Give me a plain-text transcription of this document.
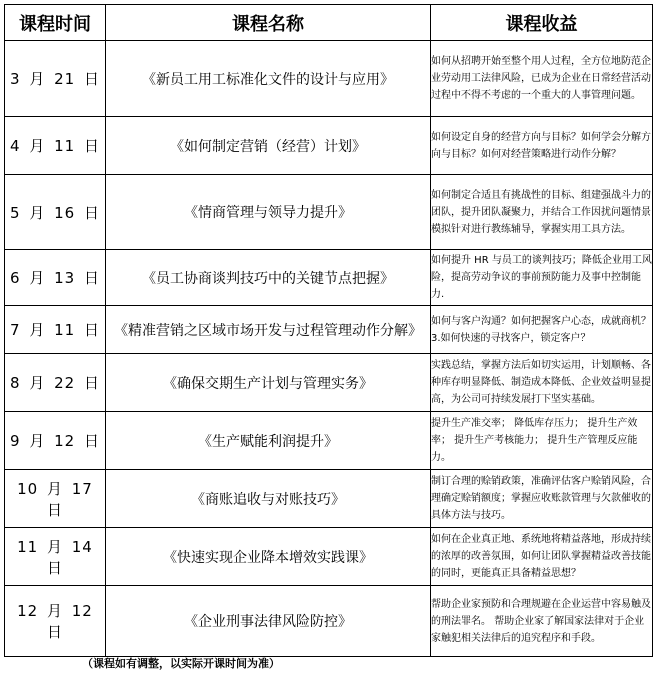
课程时间	课程名称	课程收益
3 月 21 日	《新员工用工标准化文件的设计与应用》	如何从招聘开始至整个用人过程，全方位地防范企业劳动用工法律风险，已成为企业在日常经营活动过程中不得不考虑的一个重大的人事管理问题。
4 月 11 日	《如何制定营销（经营）计划》	如何设定自身的经营方向与目标？如何学会分解方向与目标？如何对经营策略进行动作分解？
5 月 16 日	《情商管理与领导力提升》	如何制定合适且有挑战性的目标、组建强战斗力的团队，提升团队凝聚力，并结合工作因扰问题情景模拟针对进行教练辅导，掌握实用工具方法。
6 月 13 日	《员工协商谈判技巧中的关键节点把握》	如何提升 HR 与员工的谈判技巧；降低企业用工风险，提高劳动争议的事前预防能力及事中控制能力.
7 月 11 日	《精准营销之区域市场开发与过程管理动作分解》	如何与客户沟通？如何把握客户心态，成就商机？ 3.如何快速的寻找客户，锁定客户？
8 月 22 日	《确保交期生产计划与管理实务》	实践总结，掌握方法后如切实运用，计划顺畅、各种库存明显降低、制造成本降低、企业效益明显提高，为公司可持续发展打下坚实基础。
9 月 12 日	《生产赋能利润提升》	提升生产准交率； 降低库存压力； 提升生产效率； 提升生产考核能力； 提升生产管理反应能力。
10 月 17 日	《商账追收与对账技巧》	制订合理的赊销政策，准确评估客户赊销风险，合理确定赊销额度；掌握应收账款管理与欠款催收的具体方法与技巧。
11 月 14 日	《快速实现企业降本增效实践课》	如何在企业真正地、系统地将精益落地，形成持续的浓厚的改善氛围，如何让团队掌握精益改善技能的同时，更能真正具备精益思想？
12 月 12 日	《企业刑事法律风险防控》	帮助企业家预防和合理规避在企业运营中容易触及的刑法罪名。 帮助企业家了解国家法律对于企业家触犯相关法律后的追究程序和手段。
（课程如有调整，以实际开课时间为准）
